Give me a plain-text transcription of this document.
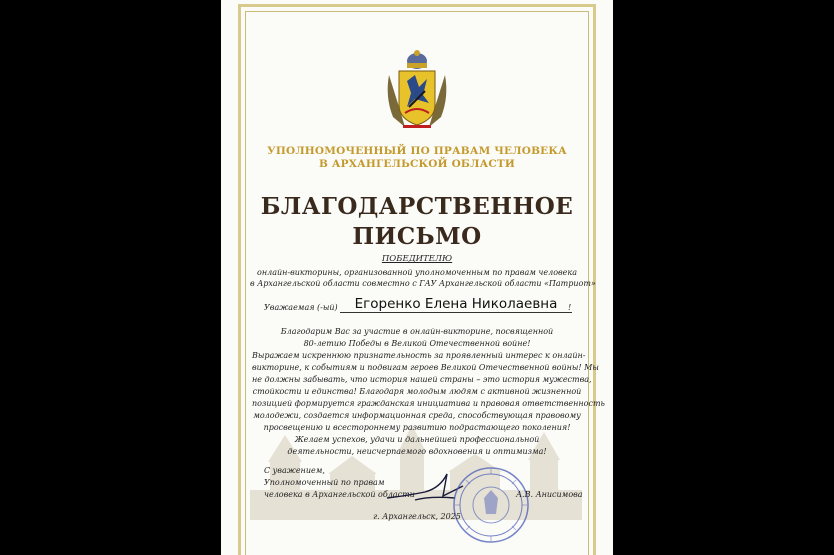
УПОЛНОМОЧЕННЫЙ ПО ПРАВАМ ЧЕЛОВЕКА
В АРХАНГЕЛЬСКОЙ ОБЛАСТИ
БЛАГОДАРСТВЕННОЕ
ПИСЬМО
ПОБЕДИТЕЛЮ
онлайн-викторины, организованной уполномоченным по правам человека
в Архангельской области совместно с ГАУ Архангельской области «Патриот»
Уважаемая (-ый)	Егоренко Елена Николаевна	!
Благодарим Вас за участие в онлайн-викторине, посвященной
80-летию Победы в Великой Отечественной войне!
Выражаем искреннюю признательность за проявленный интерес к онлайн-
викторине, к событиям и подвигам героев Великой Отечественной войны! Мы
не должны забывать, что история нашей страны – это история мужества,
стойкости и единства! Благодаря молодым людям с активной жизненной
позицией формируется гражданская инициатива и правовая ответственность
молодежи, создается информационная среда, способствующая правовому
просвещению и всестороннему развитию подрастающего поколения!
Желаем успехов, удачи и дальнейшей профессиональной
деятельности, неисчерпаемого вдохновения и оптимизма!
С уважением,
Уполномоченный по правам
человека в Архангельской области	А.В. Анисимова
г. Архангельск, 2025
